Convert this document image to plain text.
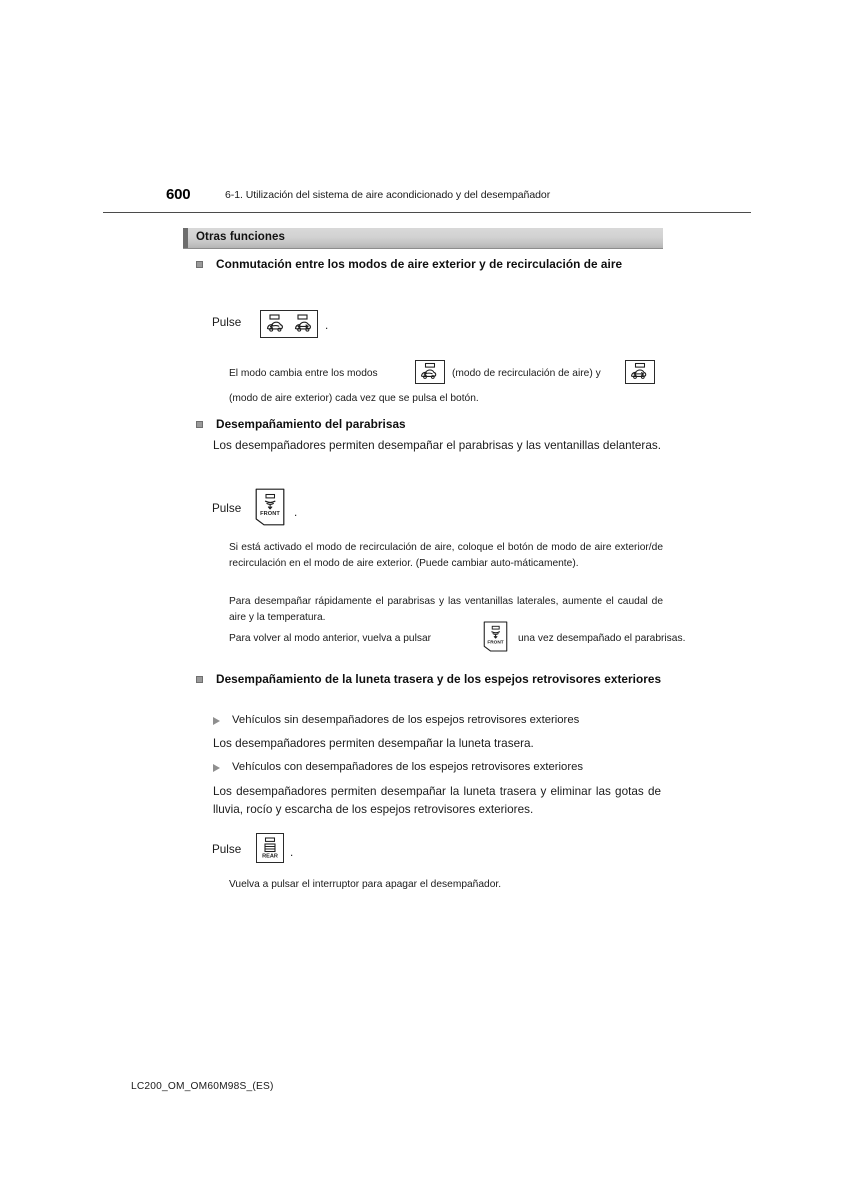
600	6-1. Utilización del sistema de aire acondicionado y del desempañador
Otras funciones
Conmutación entre los modos de aire exterior y de recirculación de aire
Pulse	.
El modo cambia entre los modos	(modo de recirculación de aire) y
(modo de aire exterior) cada vez que se pulsa el botón.
Desempañamiento del parabrisas
Los desempañadores permiten desempañar el parabrisas y las ventanillas delanteras.
Pulse	FRONT .
Si está activado el modo de recirculación de aire, coloque el botón de modo de aire exterior/de recirculación en el modo de aire exterior. (Puede cambiar auto-máticamente).
Para desempañar rápidamente el parabrisas y las ventanillas laterales, aumente el caudal de aire y la temperatura.
Para volver al modo anterior, vuelva a pulsar	FRONT una vez desempañado el parabrisas.
Desempañamiento de la luneta trasera y de los espejos retrovisores exteriores
Vehículos sin desempañadores de los espejos retrovisores exteriores
Los desempañadores permiten desempañar la luneta trasera.
Vehículos con desempañadores de los espejos retrovisores exteriores
Los desempañadores permiten desempañar la luneta trasera y eliminar las gotas de lluvia, rocío y escarcha de los espejos retrovisores exteriores.
Pulse
REAR .
Vuelva a pulsar el interruptor para apagar el desempañador.
LC200_OM_OM60M98S_(ES)
